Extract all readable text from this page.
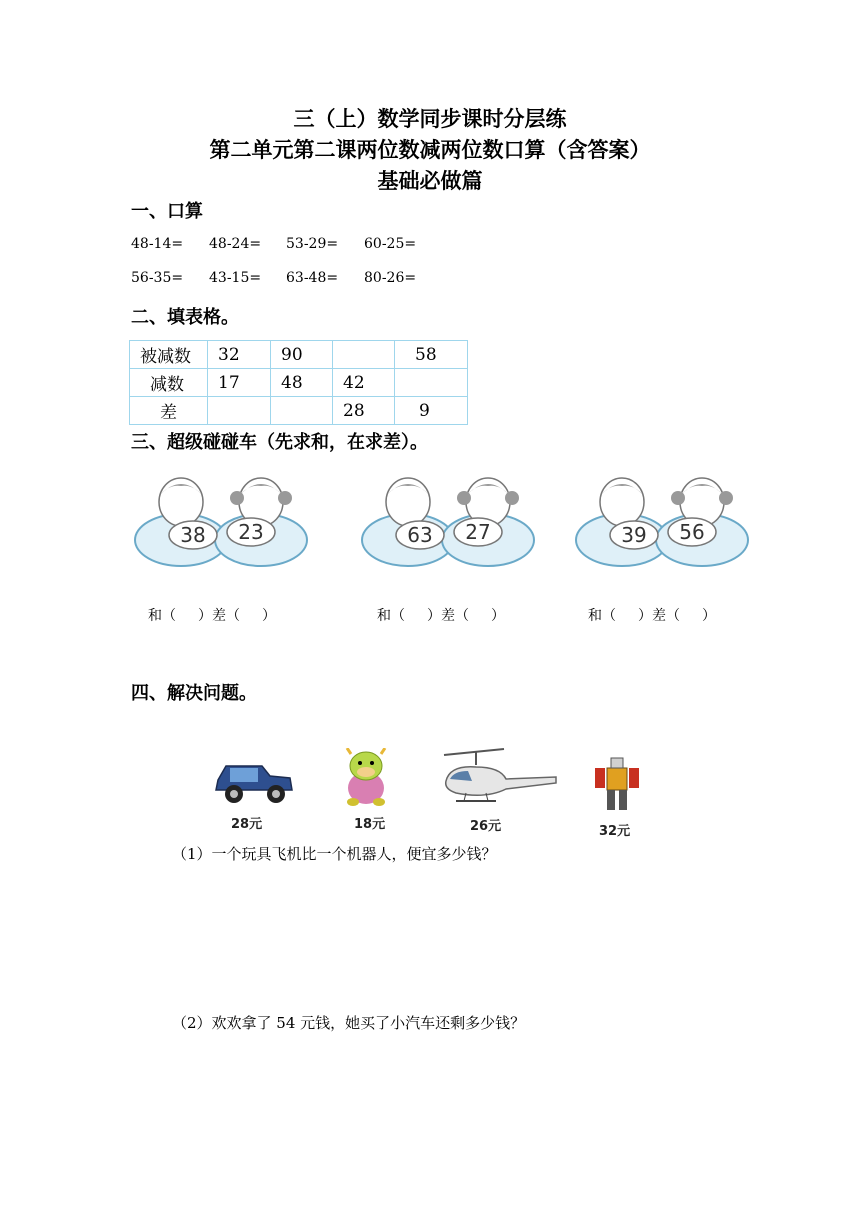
三（上）数学同步课时分层练
第二单元第二课两位数减两位数口算（含答案）
基础必做篇
一、口算
48-14=	48-24=	53-29=	60-25=
56-35=	43-15=	63-48=	80-26=
二、填表格。
被减数	32	90		58
减数	17	48	42	
差			28	9
三、超级碰碰车（先求和，在求差）。
38 23	63 27	39 56
和（ ）差（ ）	和（ ）差（ ）	和（ ）差（ ）
四、解决问题。
28元	18元	26元	32元
（1）一个玩具飞机比一个机器人，便宜多少钱？
（2）欢欢拿了 54 元钱，她买了小汽车还剩多少钱？
